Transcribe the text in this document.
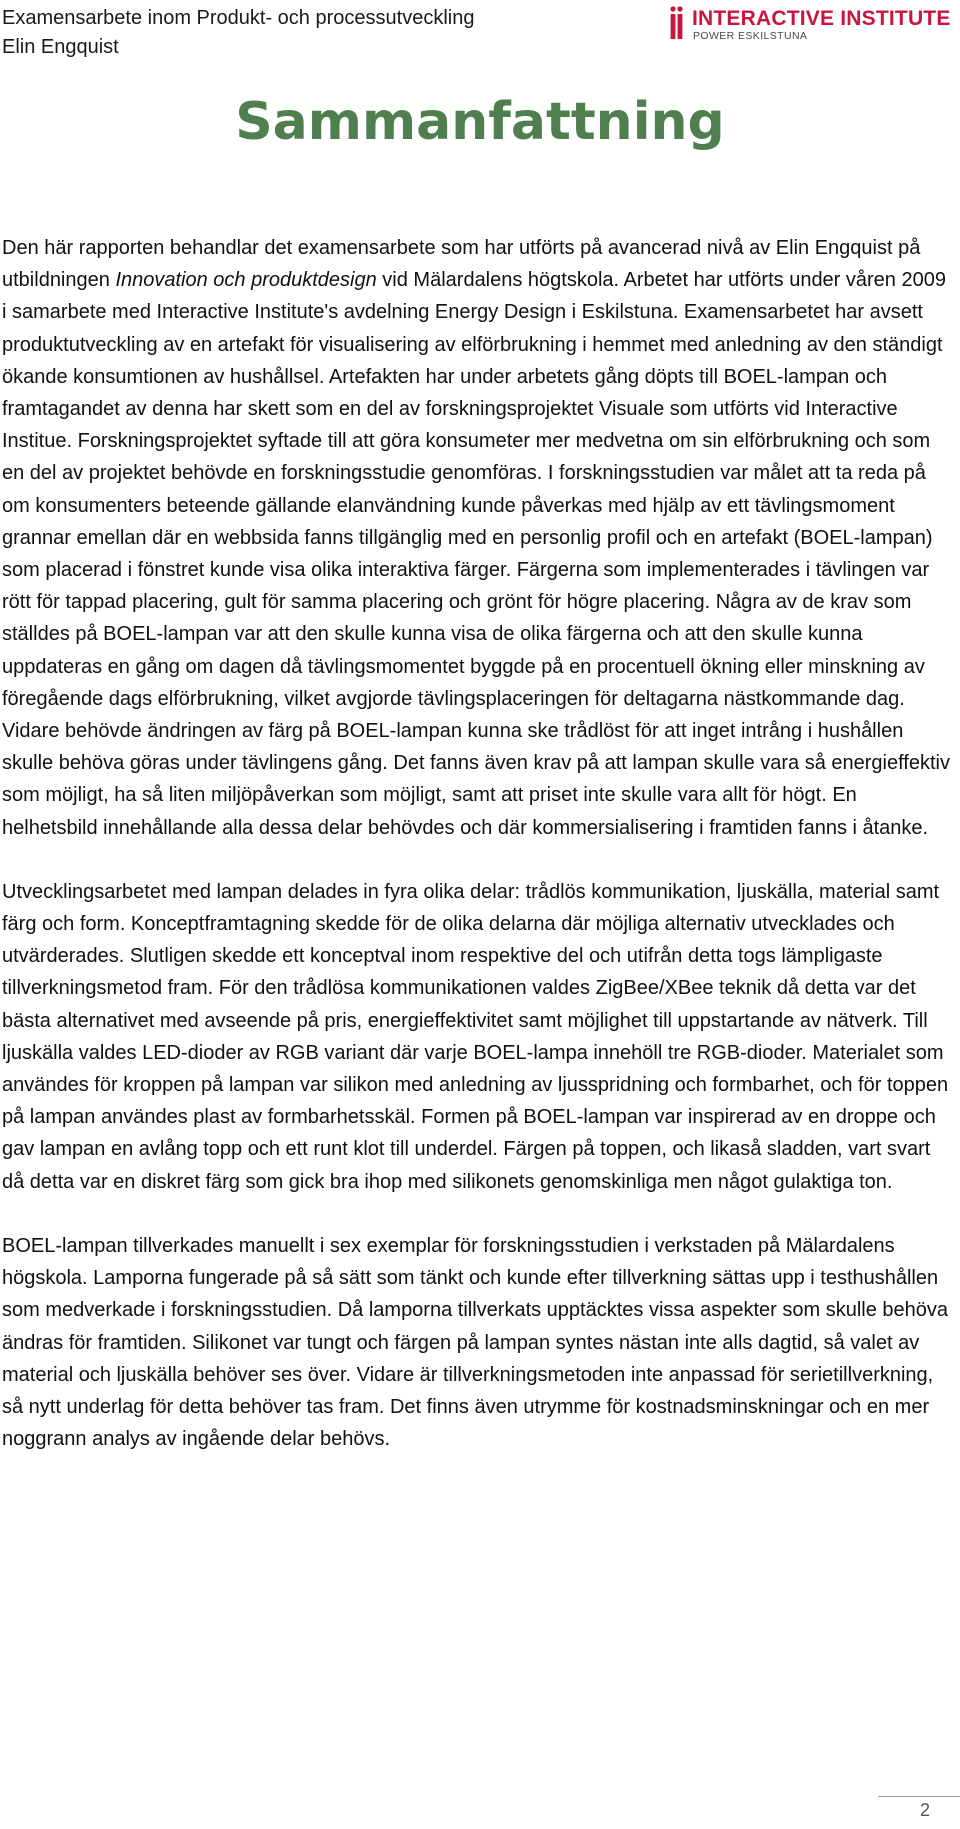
Examensarbete inom Produkt- och processutveckling
Elin Engquist
INTERACTIVE INSTITUTE
POWER ESKILSTUNA
Sammanfattning

Den här rapporten behandlar det examensarbete som har utförts på avancerad nivå av Elin Engquist på utbildningen Innovation och produktdesign vid Mälardalens högtskola. Arbetet har utförts under våren 2009 i samarbete med Interactive Institute's avdelning Energy Design i Eskilstuna. Examensarbetet har avsett produktutveckling av en artefakt för visualisering av elförbrukning i hemmet med anledning av den ständigt ökande konsumtionen av hushållsel. Artefakten har under arbetets gång döpts till BOEL-lampan och framtagandet av denna har skett som en del av forskningsprojektet Visuale som utförts vid Interactive Institue. Forskningsprojektet syftade till att göra konsumeter mer medvetna om sin elförbrukning och som en del av projektet behövde en forskningsstudie genomföras. I forskningsstudien var målet att ta reda på om konsumenters beteende gällande elanvändning kunde påverkas med hjälp av ett tävlingsmoment grannar emellan där en webbsida fanns tillgänglig med en personlig profil och en artefakt (BOEL-lampan) som placerad i fönstret kunde visa olika interaktiva färger. Färgerna som implementerades i tävlingen var rött för tappad placering, gult för samma placering och grönt för högre placering. Några av de krav som ställdes på BOEL-lampan var att den skulle kunna visa de olika färgerna och att den skulle kunna uppdateras en gång om dagen då tävlingsmomentet byggde på en procentuell ökning eller minskning av föregående dags elförbrukning, vilket avgjorde tävlingsplaceringen för deltagarna nästkommande dag. Vidare behövde ändringen av färg på BOEL-lampan kunna ske trådlöst för att inget intrång i hushållen skulle behöva göras under tävlingens gång. Det fanns även krav på att lampan skulle vara så energieffektiv som möjligt, ha så liten miljöpåverkan som möjligt, samt att priset inte skulle vara allt för högt. En helhetsbild innehållande alla dessa delar behövdes och där kommersialisering i framtiden fanns i åtanke.

Utvecklingsarbetet med lampan delades in fyra olika delar: trådlös kommunikation, ljuskälla, material samt färg och form. Konceptframtagning skedde för de olika delarna där möjliga alternativ utvecklades och utvärderades. Slutligen skedde ett konceptval inom respektive del och utifrån detta togs lämpligaste tillverkningsmetod fram. För den trådlösa kommunikationen valdes ZigBee/XBee teknik då detta var det bästa alternativet med avseende på pris, energieffektivitet samt möjlighet till uppstartande av nätverk. Till ljuskälla valdes LED-dioder av RGB variant där varje BOEL-lampa innehöll tre RGB-dioder. Materialet som användes för kroppen på lampan var silikon med anledning av ljusspridning och formbarhet, och för toppen på lampan användes plast av formbarhetsskäl. Formen på BOEL-lampan var inspirerad av en droppe och gav lampan en avlång topp och ett runt klot till underdel. Färgen på toppen, och likaså sladden, vart svart då detta var en diskret färg som gick bra ihop med silikonets genomskinliga men något gulaktiga ton.

BOEL-lampan tillverkades manuellt i sex exemplar för forskningsstudien i verkstaden på Mälardalens högskola. Lamporna fungerade på så sätt som tänkt och kunde efter tillverkning sättas upp i testhushållen som medverkade i forskningsstudien. Då lamporna tillverkats upptäcktes vissa aspekter som skulle behöva ändras för framtiden. Silikonet var tungt och färgen på lampan syntes nästan inte alls dagtid, så valet av material och ljuskälla behöver ses över. Vidare är tillverkningsmetoden inte anpassad för serietillverkning, så nytt underlag för detta behöver tas fram. Det finns även utrymme för kostnadsminskningar och en mer noggrann analys av ingående delar behövs.

2
